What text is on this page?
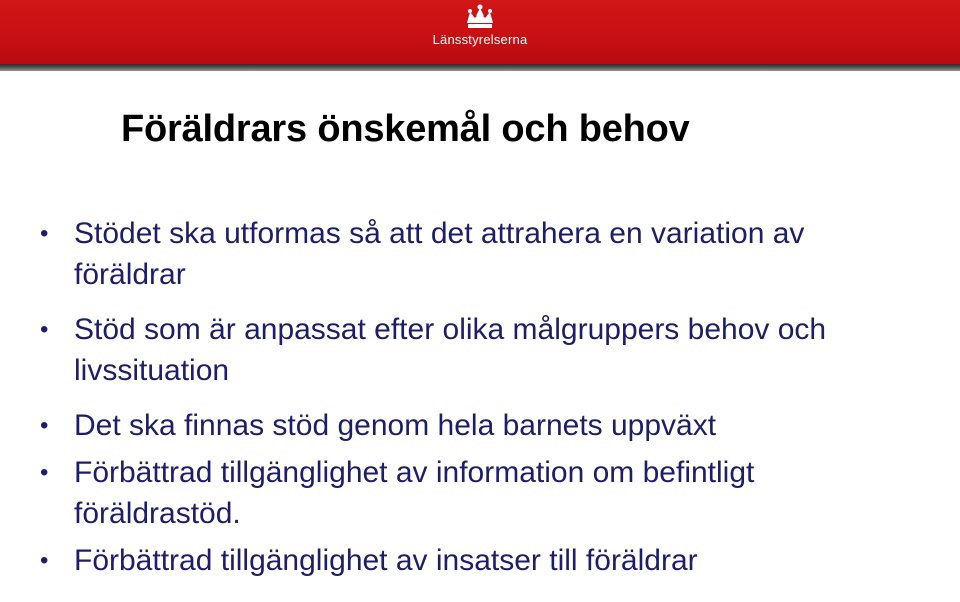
Länsstyrelserna
Föräldrars önskemål och behov
• Stödet ska utformas så att det attrahera en variation av föräldrar
• Stöd som är anpassat efter olika målgruppers behov och livssituation
• Det ska finnas stöd genom hela barnets uppväxt
• Förbättrad tillgänglighet av information om befintligt föräldrastöd.
• Förbättrad tillgänglighet av insatser till föräldrar
